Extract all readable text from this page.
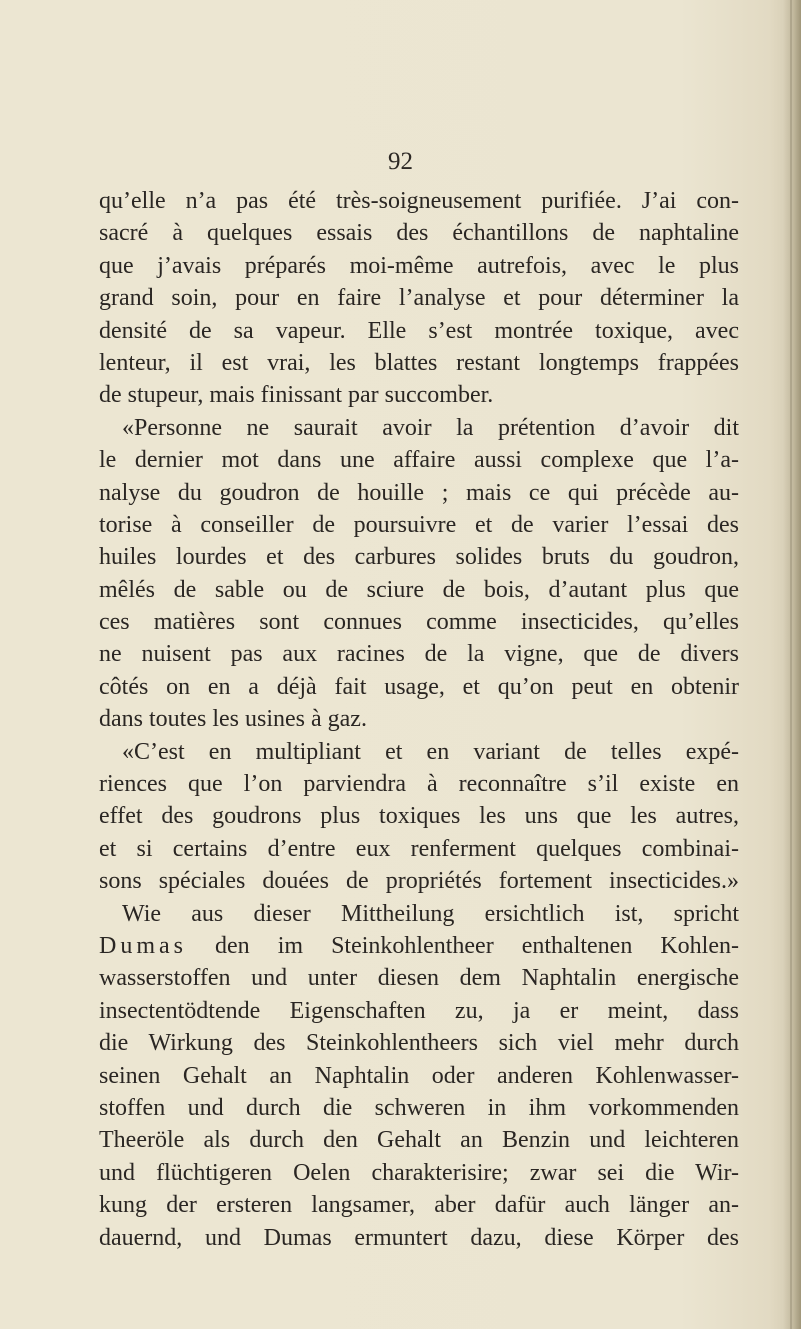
92
qu’elle n’a pas été très-soigneusement purifiée. J’ai con-
sacré à quelques essais des échantillons de naphtaline
que j’avais préparés moi-même autrefois, avec le plus
grand soin, pour en faire l’analyse et pour déterminer la
densité de sa vapeur. Elle s’est montrée toxique, avec
lenteur, il est vrai, les blattes restant longtemps frappées
de stupeur, mais finissant par succomber.
«Personne ne saurait avoir la prétention d’avoir dit
le dernier mot dans une affaire aussi complexe que l’a-
nalyse du goudron de houille ; mais ce qui précède au-
torise à conseiller de poursuivre et de varier l’essai des
huiles lourdes et des carbures solides bruts du goudron,
mêlés de sable ou de sciure de bois, d’autant plus que
ces matières sont connues comme insecticides, qu’elles
ne nuisent pas aux racines de la vigne, que de divers
côtés on en a déjà fait usage, et qu’on peut en obtenir
dans toutes les usines à gaz.
«C’est en multipliant et en variant de telles expé-
riences que l’on parviendra à reconnaître s’il existe en
effet des goudrons plus toxiques les uns que les autres,
et si certains d’entre eux renferment quelques combinai-
sons spéciales douées de propriétés fortement insecticides.»
Wie aus dieser Mittheilung ersichtlich ist, spricht
Dumas den im Steinkohlentheer enthaltenen Kohlen-
wasserstoffen und unter diesen dem Naphtalin energische
insectentödtende Eigenschaften zu, ja er meint, dass
die Wirkung des Steinkohlentheers sich viel mehr durch
seinen Gehalt an Naphtalin oder anderen Kohlenwasser-
stoffen und durch die schweren in ihm vorkommenden
Theeröle als durch den Gehalt an Benzin und leichteren
und flüchtigeren Oelen charakterisire; zwar sei die Wir-
kung der ersteren langsamer, aber dafür auch länger an-
dauernd, und Dumas ermuntert dazu, diese Körper des
